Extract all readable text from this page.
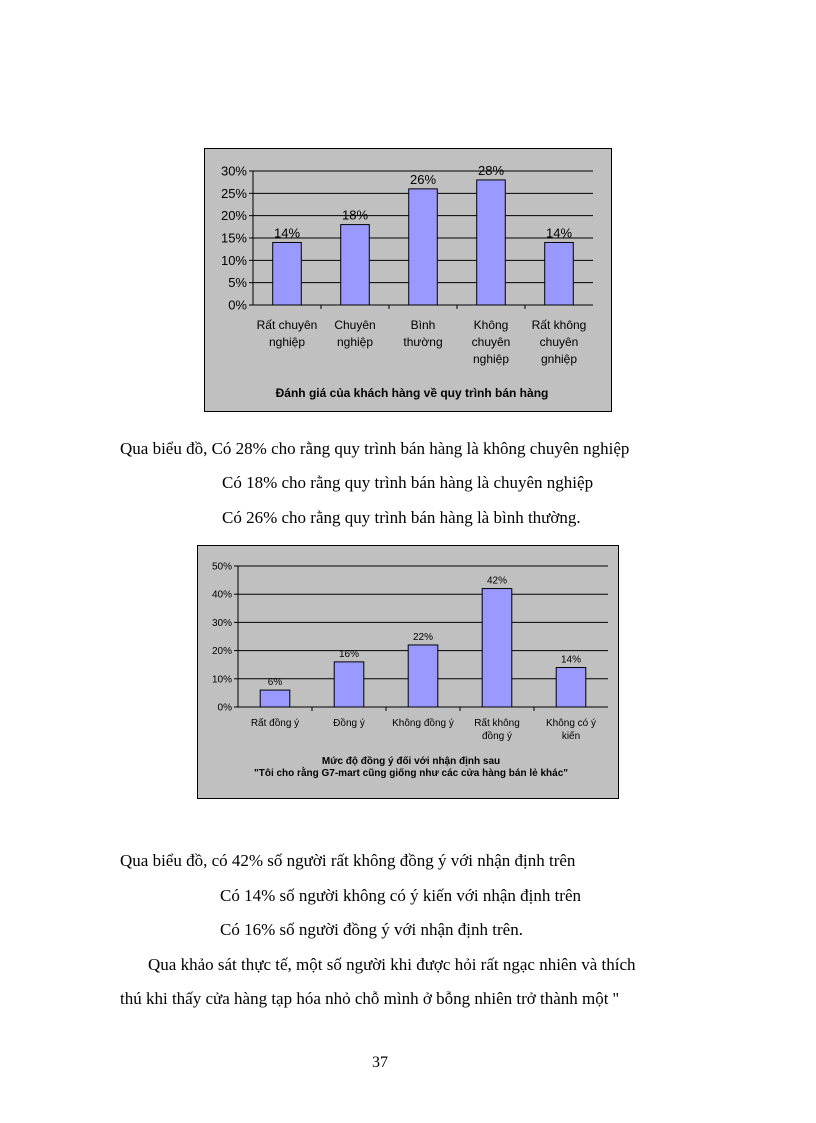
0%
5%
10%
15%
20%
25%
30%
14%
Rất chuyên
nghiệp
18%
Chuyên
nghiệp
26%
Bình
thường
28%
Không
chuyên
nghiệp
14%
Rất không
chuyên
gnhiệp
Đánh giá của khách hàng về quy trình bán hàng
Qua biểu đồ, Có 28% cho rằng quy trình bán hàng là không chuyên nghiệp
Có 18% cho rằng quy trình bán hàng là chuyên nghiệp
Có 26% cho rằng quy trình bán hàng là bình thường.
0%
10%
20%
30%
40%
50%
6%
Rất đồng ý
16%
Đồng ý
22%
Không đồng ý
42%
Rất không
đồng ý
14%
Không có ý
kiến
Mức độ đồng ý đối với nhận định sau
"Tôi cho rằng G7-mart cũng giống như các cửa hàng bán lẻ khác"
Qua biểu đồ, có 42% số người rất không đồng ý với nhận định trên
Có 14% số người không có ý kiến với nhận định trên
Có 16% số người đồng ý với nhận định trên.
Qua khảo sát thực tế, một số người khi được hỏi rất ngạc nhiên và thích
thú khi thấy cửa hàng tạp hóa nhỏ chỗ mình ở bỗng nhiên trở thành một ''
37
